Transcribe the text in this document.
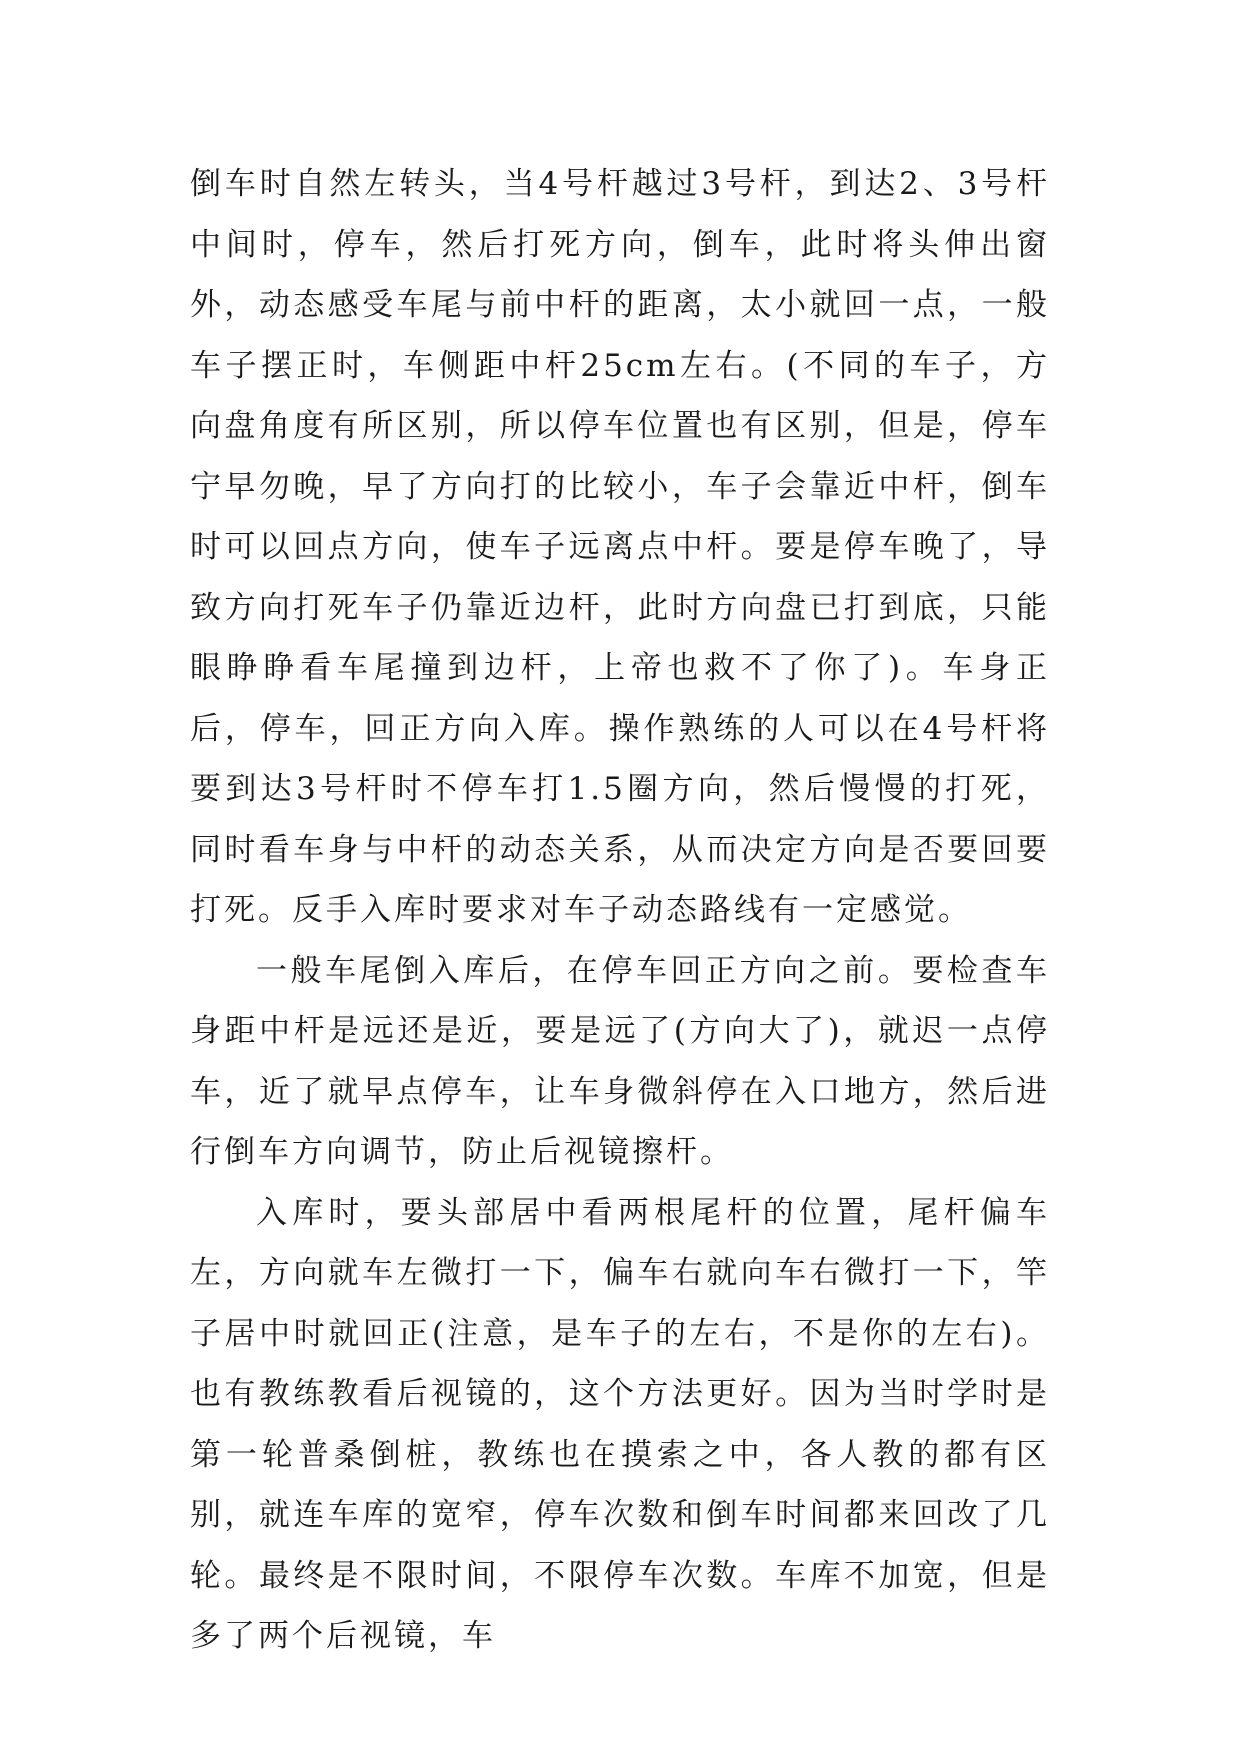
倒车时自然左转头，当4号杆越过3号杆，到达2、3号杆中间时，停车，然后打死方向，倒车，此时将头伸出窗外，动态感受车尾与前中杆的距离，太小就回一点，一般车子摆正时，车侧距中杆25cm左右。(不同的车子，方向盘角度有所区别，所以停车位置也有区别，但是，停车宁早勿晚，早了方向打的比较小，车子会靠近中杆，倒车时可以回点方向，使车子远离点中杆。要是停车晚了，导致方向打死车子仍靠近边杆，此时方向盘已打到底，只能眼睁睁看车尾撞到边杆，上帝也救不了你了)。车身正后，停车，回正方向入库。操作熟练的人可以在4号杆将要到达3号杆时不停车打1.5圈方向，然后慢慢的打死，同时看车身与中杆的动态关系，从而决定方向是否要回要打死。反手入库时要求对车子动态路线有一定感觉。

一般车尾倒入库后，在停车回正方向之前。要检查车身距中杆是远还是近，要是远了(方向大了)，就迟一点停车，近了就早点停车，让车身微斜停在入口地方，然后进行倒车方向调节，防止后视镜擦杆。

入库时，要头部居中看两根尾杆的位置，尾杆偏车左，方向就车左微打一下，偏车右就向车右微打一下，竿子居中时就回正(注意，是车子的左右，不是你的左右)。也有教练教看后视镜的，这个方法更好。因为当时学时是第一轮普桑倒桩，教练也在摸索之中，各人教的都有区别，就连车库的宽窄，停车次数和倒车时间都来回改了几轮。最终是不限时间，不限停车次数。车库不加宽，但是多了两个后视镜，车
